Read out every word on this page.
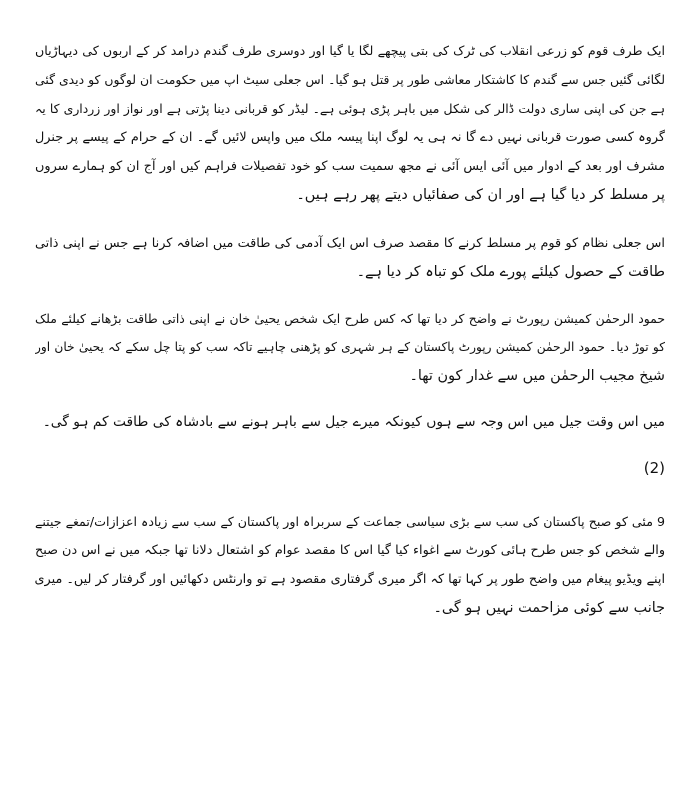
ایک طرف قوم کو زرعی انقلاب کی ٹرک کی بتی پیچھے لگا یا گیا اور دوسری طرف گندم درامد کر کے اربوں کی دیہاڑیاں
لگائی گئیں جس سے گندم کا کاشتکار معاشی طور پر قتل ہو گیا۔ اس جعلی سیٹ اپ میں حکومت ان لوگوں کو دیدی گئی
ہے جن کی اپنی ساری دولت ڈالر کی شکل میں باہر پڑی ہوئی ہے۔ لیڈر کو قربانی دینا پڑتی ہے اور نواز اور زرداری کا یہ
گروہ کسی صورت قربانی نہیں دے گا نہ ہی یہ لوگ اپنا پیسہ ملک میں واپس لائیں گے۔ ان کے حرام کے پیسے پر جنرل
مشرف اور بعد کے ادوار میں آئی ایس آئی نے مجھ سمیت سب کو خود تفصیلات فراہم کیں اور آج ان کو ہمارے سروں
پر مسلط کر دیا گیا ہے اور ان کی صفائیاں دیتے پھر رہے ہیں۔
اس جعلی نظام کو قوم پر مسلط کرنے کا مقصد صرف اس ایک آدمی کی طاقت میں اضافہ کرنا ہے جس نے اپنی ذاتی
طاقت کے حصول کیلئے پورے ملک کو تباہ کر دیا ہے۔
حمود الرحمٰن کمیشن رپورٹ نے واضح کر دیا تھا کہ کس طرح ایک شخص یحییٰ خان نے اپنی ذاتی طاقت بڑھانے کیلئے ملک
کو توڑ دیا۔ حمود الرحمٰن کمیشن رپورٹ پاکستان کے ہر شہری کو پڑھنی چاہیے تاکہ سب کو پتا چل سکے کہ یحییٰ خان اور
شیخ مجیب الرحمٰن میں سے غدار کون تھا۔
میں اس وقت جیل میں اس وجہ سے ہوں کیونکہ میرے جیل سے باہر ہونے سے بادشاہ کی طاقت کم ہو گی۔
(2)
9 مئی کو صبح پاکستان کی سب سے بڑی سیاسی جماعت کے سربراہ اور پاکستان کے سب سے زیادہ اعزازات/تمغے جیتنے
والے شخص کو جس طرح ہائی کورٹ سے اغواء کیا گیا اس کا مقصد عوام کو اشتعال دلانا تھا جبکہ میں نے اس دن صبح
اپنے ویڈیو پیغام میں واضح طور پر کہا تھا کہ اگر میری گرفتاری مقصود ہے تو وارنٹس دکھائیں اور گرفتار کر لیں۔ میری
جانب سے کوئی مزاحمت نہیں ہو گی۔
